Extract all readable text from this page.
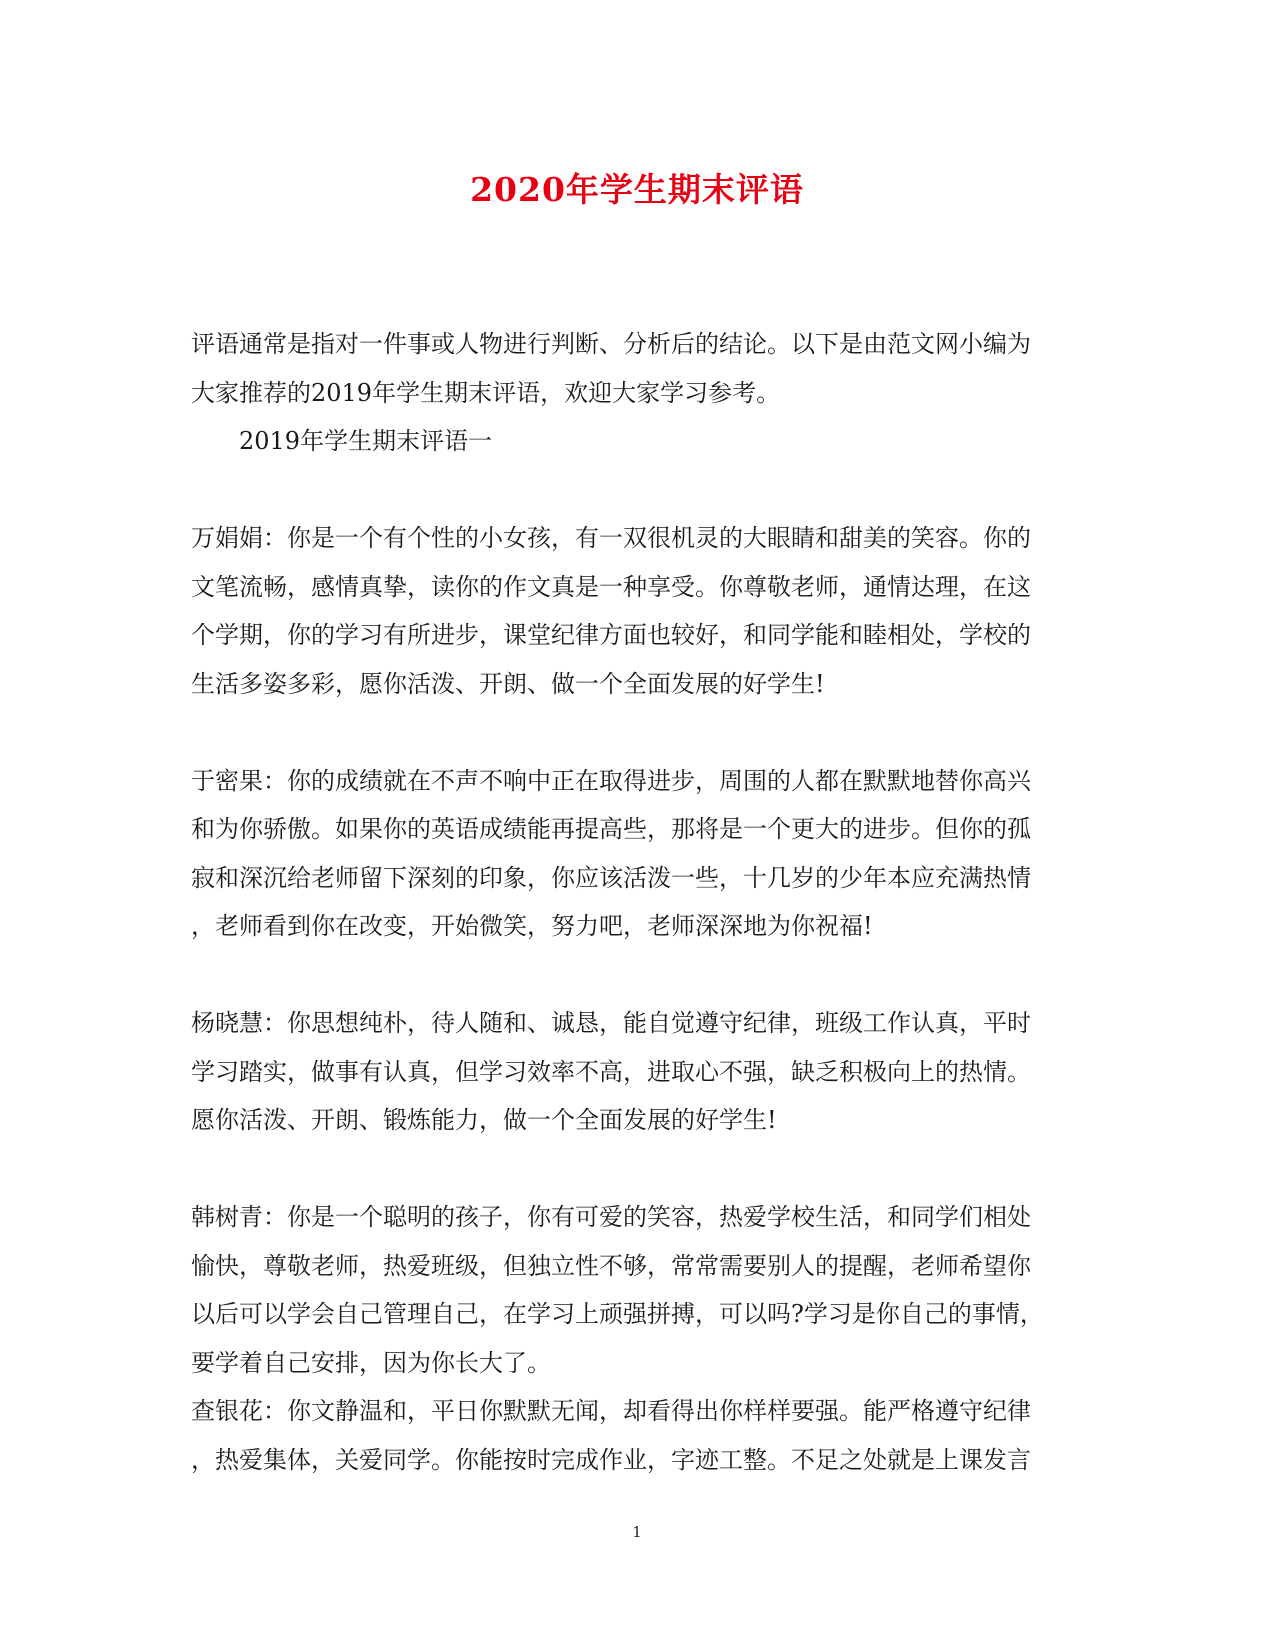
2020年学生期末评语
评语通常是指对一件事或人物进行判断、分析后的结论。以下是由范文网小编为
大家推荐的2019年学生期末评语，欢迎大家学习参考。
2019年学生期末评语一
万娟娟：你是一个有个性的小女孩，有一双很机灵的大眼睛和甜美的笑容。你的
文笔流畅，感情真挚，读你的作文真是一种享受。你尊敬老师，通情达理，在这
个学期，你的学习有所进步，课堂纪律方面也较好，和同学能和睦相处，学校的
生活多姿多彩，愿你活泼、开朗、做一个全面发展的好学生!
于密果：你的成绩就在不声不响中正在取得进步，周围的人都在默默地替你高兴
和为你骄傲。如果你的英语成绩能再提高些，那将是一个更大的进步。但你的孤
寂和深沉给老师留下深刻的印象，你应该活泼一些，十几岁的少年本应充满热情
，老师看到你在改变，开始微笑，努力吧，老师深深地为你祝福!
杨晓慧：你思想纯朴，待人随和、诚恳，能自觉遵守纪律，班级工作认真，平时
学习踏实，做事有认真，但学习效率不高，进取心不强，缺乏积极向上的热情。
愿你活泼、开朗、锻炼能力，做一个全面发展的好学生!
韩树青：你是一个聪明的孩子，你有可爱的笑容，热爱学校生活，和同学们相处
愉快，尊敬老师，热爱班级，但独立性不够，常常需要别人的提醒，老师希望你
以后可以学会自己管理自己，在学习上顽强拼搏，可以吗?学习是你自己的事情，
要学着自己安排，因为你长大了。
查银花：你文静温和，平日你默默无闻，却看得出你样样要强。能严格遵守纪律
，热爱集体，关爱同学。你能按时完成作业，字迹工整。不足之处就是上课发言
1
